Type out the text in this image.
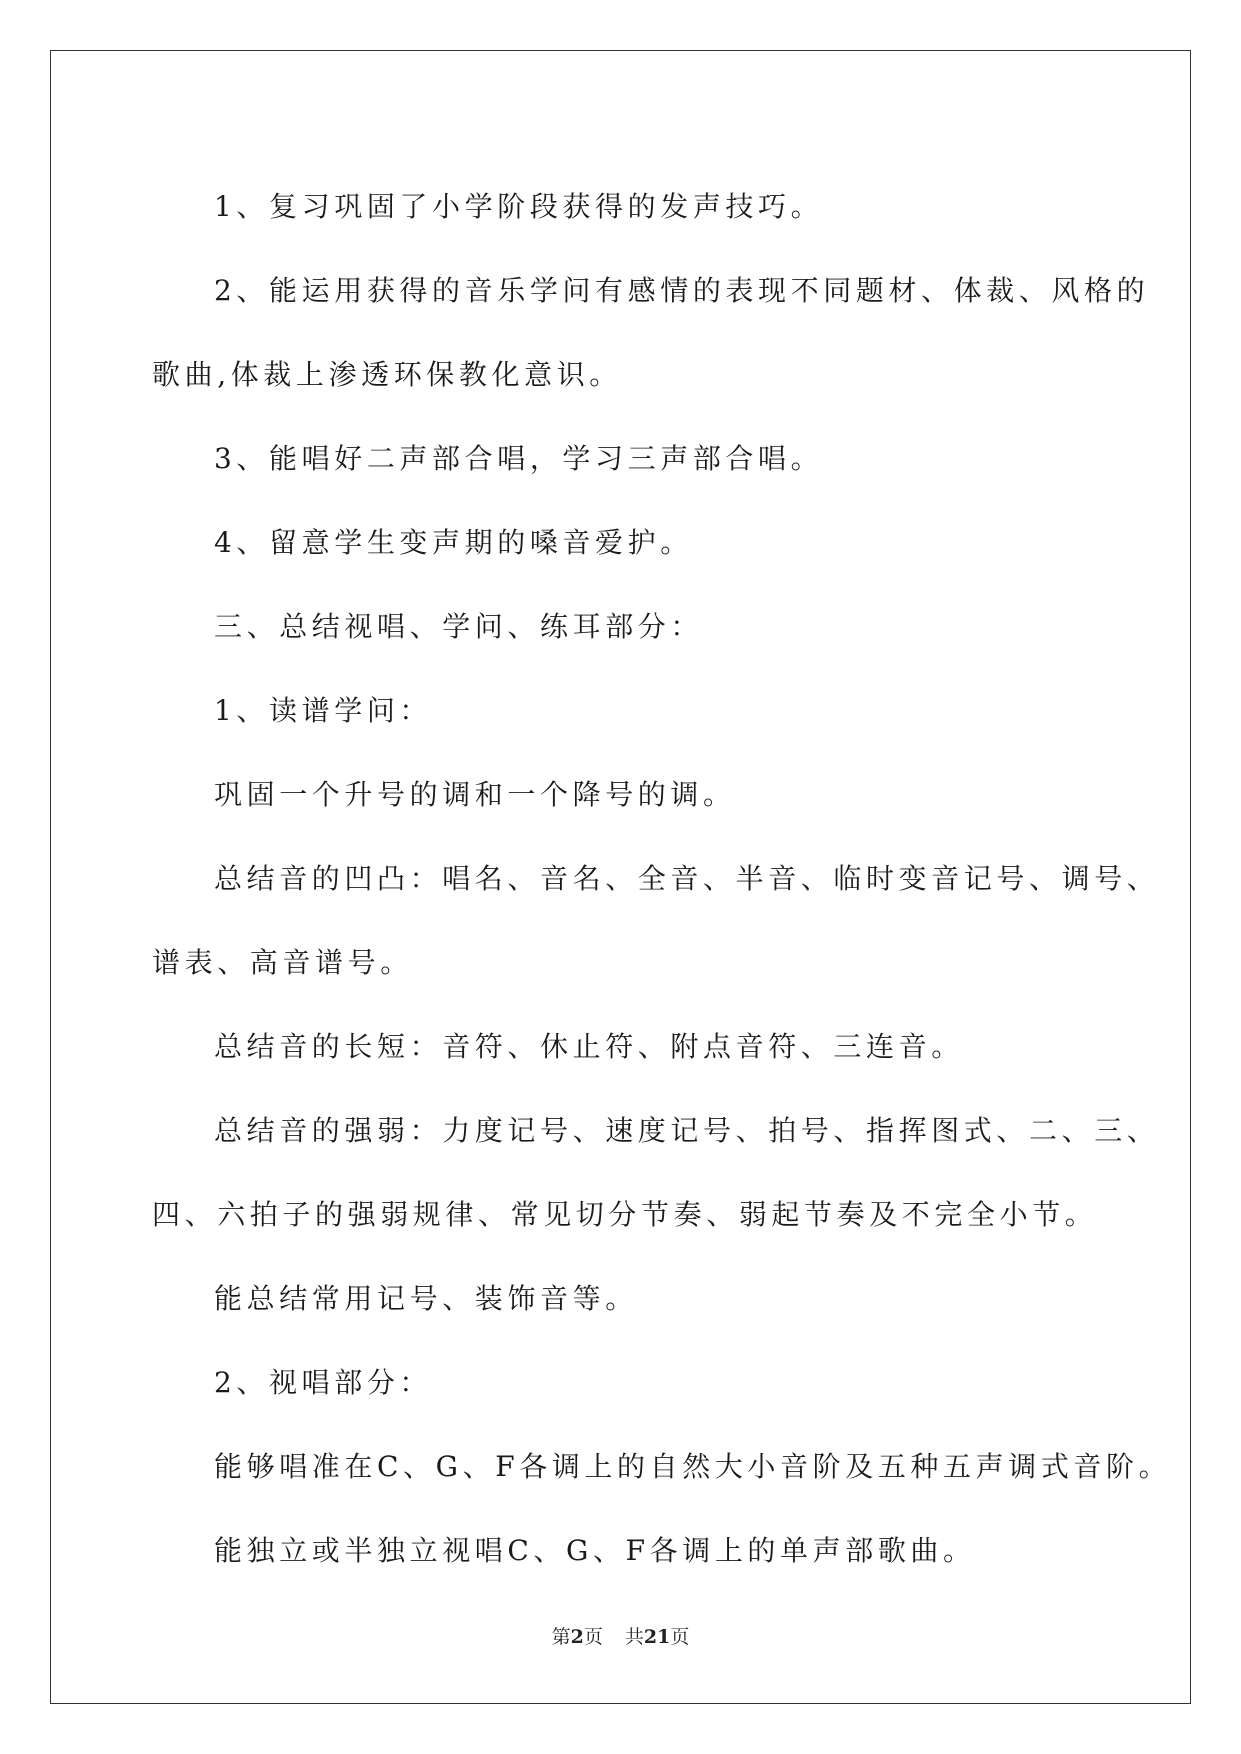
1、复习巩固了小学阶段获得的发声技巧。

2、能运用获得的音乐学问有感情的表现不同题材、体裁、风格的

歌曲,体裁上渗透环保教化意识。

3、能唱好二声部合唱，学习三声部合唱。

4、留意学生变声期的嗓音爱护。

三、总结视唱、学问、练耳部分：

1、读谱学问：

巩固一个升号的调和一个降号的调。

总结音的凹凸：唱名、音名、全音、半音、临时变音记号、调号、

谱表、高音谱号。

总结音的长短：音符、休止符、附点音符、三连音。

总结音的强弱：力度记号、速度记号、拍号、指挥图式、二、三、

四、六拍子的强弱规律、常见切分节奏、弱起节奏及不完全小节。

能总结常用记号、装饰音等。

2、视唱部分：

能够唱准在C、G、F各调上的自然大小音阶及五种五声调式音阶。

能独立或半独立视唱C、G、F各调上的单声部歌曲。

第2页 共21页
